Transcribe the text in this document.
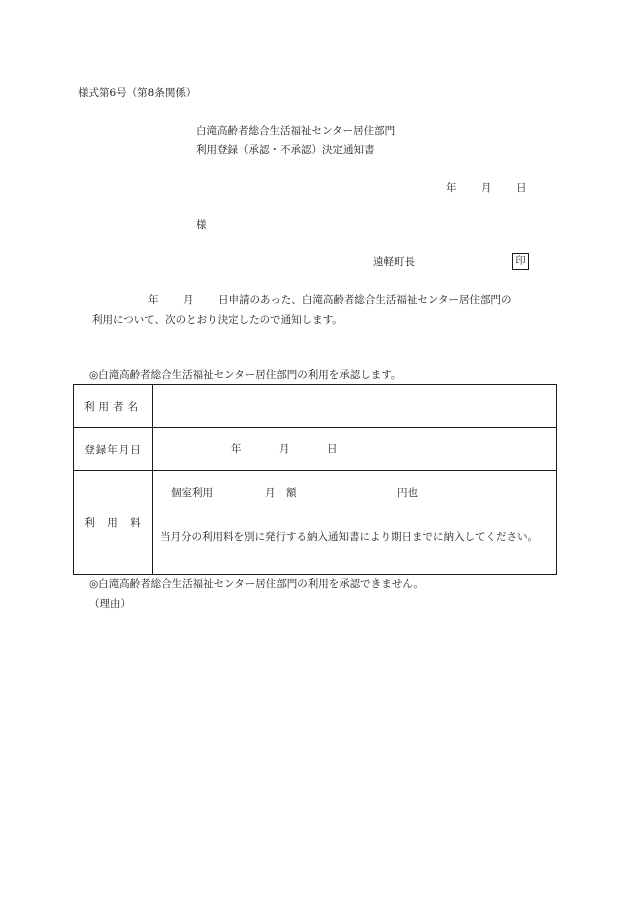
様式第6号（第8条関係）
白滝高齢者総合生活福祉センター居住部門
利用登録（承認・不承認）決定通知書
年 月 日
様
遠軽町長	印
年 月 日申請のあった、白滝高齢者総合生活福祉センター居住部門の
利用について、次のとおり決定したので通知します。
◎白滝高齢者総合生活福祉センター居住部門の利用を承認します。
利用者名	
登録年月日	年 月 日

利　用　料	個室利用 月　額 円也
当月分の利用料を別に発行する納入通知書により期日までに納入してください。
◎白滝高齢者総合生活福祉センター居住部門の利用を承認できません。
（理由）
